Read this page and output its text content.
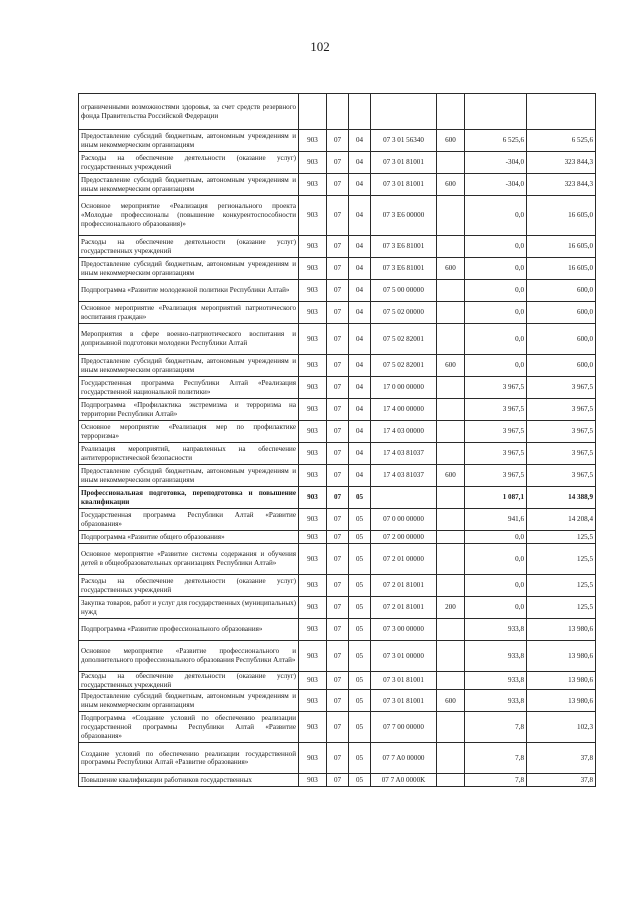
102
ограниченными возможностями здоровья, за счет средств резервного фонда Правительства Российской Федерации							
Предоставление субсидий бюджетным, автономным учреждениям и иным некоммерческим организациям	903	07	04	07 3 01 56340	600	6 525,6	6 525,6
Расходы на обеспечение деятельности (оказание услуг) государственных учреждений	903	07	04	07 3 01 81001		-304,0	323 844,3
Предоставление субсидий бюджетным, автономным учреждениям и иным некоммерческим организациям	903	07	04	07 3 01 81001	600	-304,0	323 844,3
Основное мероприятие «Реализация регионального проекта «Молодые профессионалы (повышение конкурентоспособности профессионального образования)»	903	07	04	07 3 E6 00000		0,0	16 605,0
Расходы на обеспечение деятельности (оказание услуг) государственных учреждений	903	07	04	07 3 E6 81001		0,0	16 605,0
Предоставление субсидий бюджетным, автономным учреждениям и иным некоммерческим организациям	903	07	04	07 3 E6 81001	600	0,0	16 605,0
Подпрограмма «Развитие молодежной политики Республики Алтай»	903	07	04	07 5 00 00000		0,0	600,0
Основное мероприятие «Реализация мероприятий патриотического воспитания граждан»	903	07	04	07 5 02 00000		0,0	600,0
Мероприятия в сфере военно-патриотического воспитания и допризывной подготовки молодежи Республики Алтай	903	07	04	07 5 02 82001		0,0	600,0
Предоставление субсидий бюджетным, автономным учреждениям и иным некоммерческим организациям	903	07	04	07 5 02 82001	600	0,0	600,0
Государственная программа Республики Алтай «Реализация государственной национальной политики»	903	07	04	17 0 00 00000		3 967,5	3 967,5
Подпрограмма «Профилактика экстремизма и терроризма на территории Республики Алтай»	903	07	04	17 4 00 00000		3 967,5	3 967,5
Основное мероприятие «Реализация мер по профилактике терроризма»	903	07	04	17 4 03 00000		3 967,5	3 967,5
Реализация мероприятий, направленных на обеспечение антитеррористической безопасности	903	07	04	17 4 03 81037		3 967,5	3 967,5
Предоставление субсидий бюджетным, автономным учреждениям и иным некоммерческим организациям	903	07	04	17 4 03 81037	600	3 967,5	3 967,5
Профессиональная подготовка, переподготовка и повышение квалификации	903	07	05			1 087,1	14 388,9
Государственная программа Республики Алтай «Развитие образования»	903	07	05	07 0 00 00000		941,6	14 208,4
Подпрограмма «Развитие общего образования»	903	07	05	07 2 00 00000		0,0	125,5
Основное мероприятие «Развитие системы содержания и обучения детей в общеобразовательных организациях Республики Алтай»	903	07	05	07 2 01 00000		0,0	125,5
Расходы на обеспечение деятельности (оказание услуг) государственных учреждений	903	07	05	07 2 01 81001		0,0	125,5
Закупка товаров, работ и услуг для государственных (муниципальных) нужд	903	07	05	07 2 01 81001	200	0,0	125,5
Подпрограмма «Развитие профессионального образования»	903	07	05	07 3 00 00000		933,8	13 980,6
Основное мероприятие «Развитие профессионального и дополнительного профессионального образования Республики Алтай»	903	07	05	07 3 01 00000		933,8	13 980,6
Расходы на обеспечение деятельности (оказание услуг) государственных учреждений	903	07	05	07 3 01 81001		933,8	13 980,6
Предоставление субсидий бюджетным, автономным учреждениям и иным некоммерческим организациям	903	07	05	07 3 01 81001	600	933,8	13 980,6
Подпрограмма «Создание условий по обеспечению реализации государственной программы Республики Алтай «Развитие образования»	903	07	05	07 7 00 00000		7,8	102,3
Создание условий по обеспечению реализации государственной программы Республики Алтай «Развитие образования»	903	07	05	07 7 A0 00000		7,8	37,8
Повышение квалификации работников государственных	903	07	05	07 7 A0 0000K		7,8	37,8
